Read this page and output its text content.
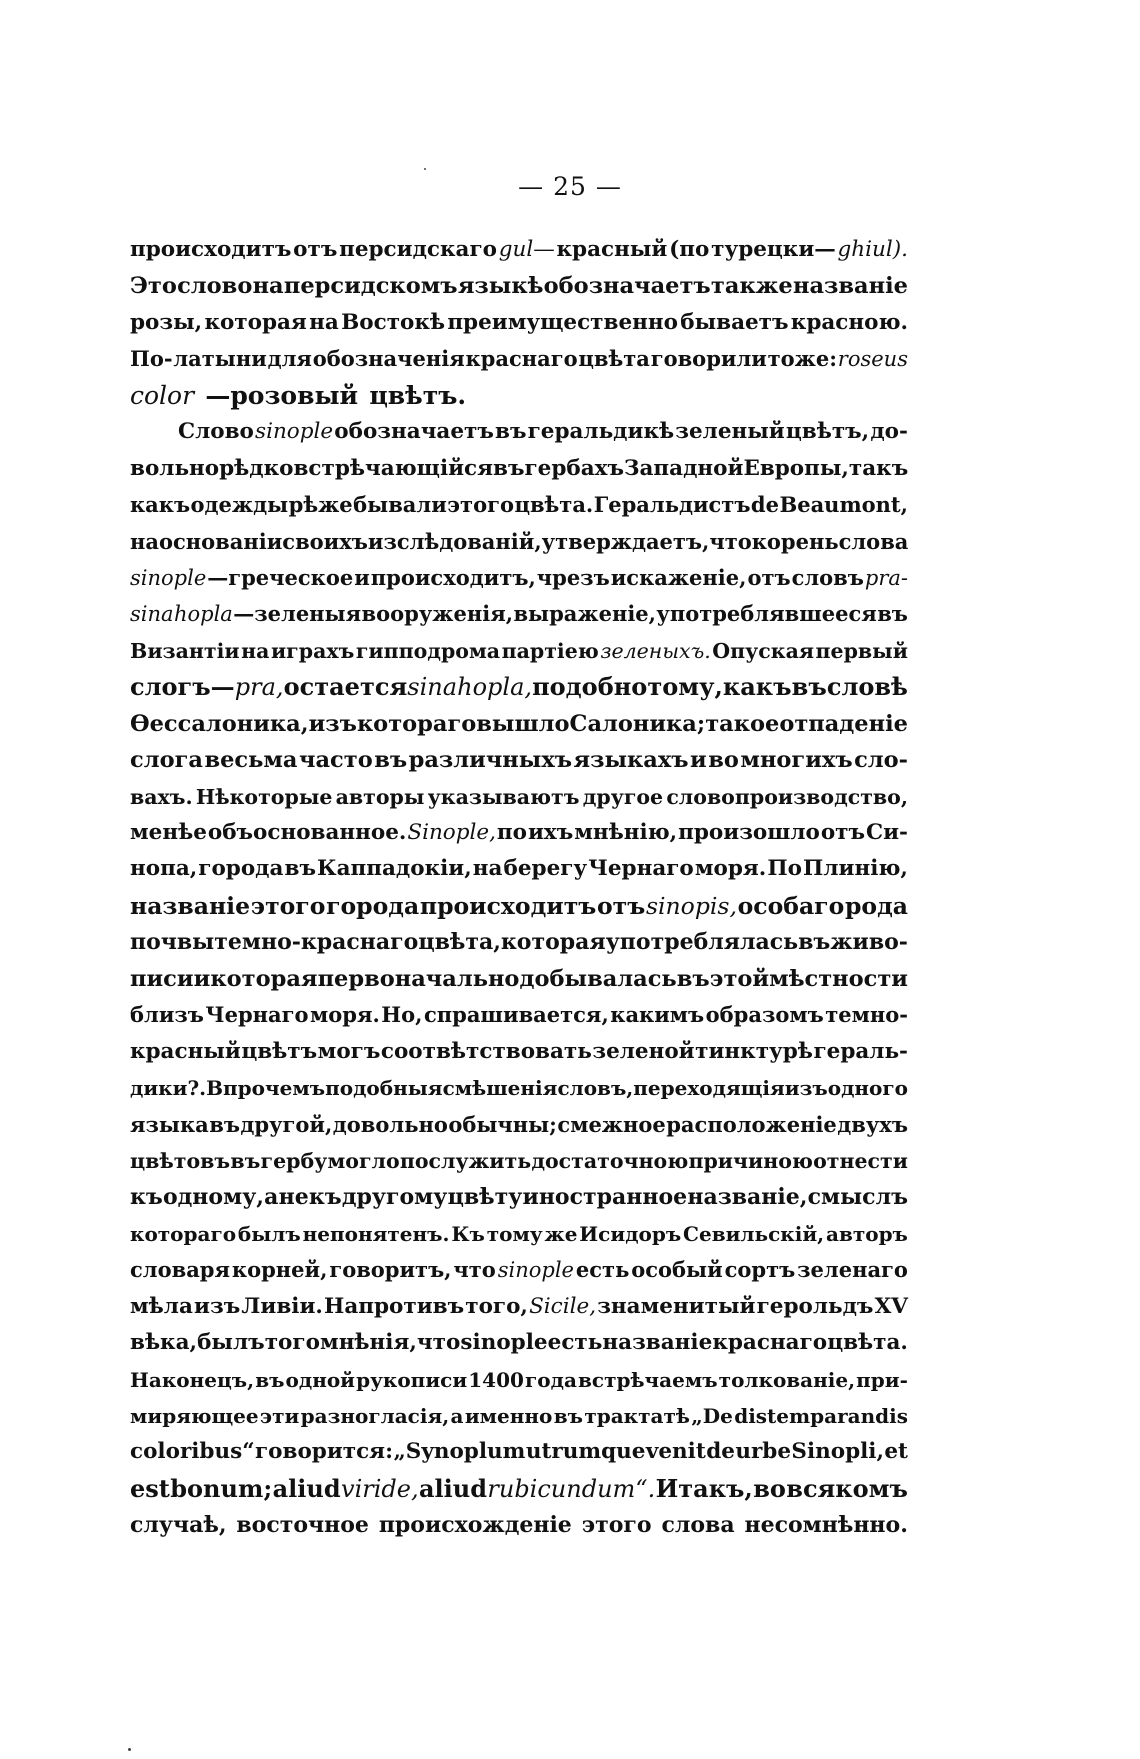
— 25 —
происходитъ отъ персидскаго gul— красный (по турецки— ghiul).
Это слово на персидскомъ языкѣ обозначаетъ также названіе
розы, которая на Востокѣ преимущественно бываетъ красною.
По- латыни для обозначенія краснаго цвѣта говорили тоже: roseus
color —розовый цвѣтъ.
Слово sinople обозначаетъ въ геральдикѣ зеленый цвѣтъ, до-
вольно рѣдко встрѣчающійся въ гербахъ Западной Европы, такъ
какъ одежды рѣже бывали этого цвѣта. Геральдистъ de Beaumont,
на основаніи своихъ изслѣдованій, утверждаетъ, что корень слова
sinople —греческое и происходитъ, чрезъ искаженіе, отъ словъ pra-
sina hopla —зеленыя вооруженія, выраженіе, употреблявшееся въ
Византіи на играхъ гипподрома партіею зеленыхъ. Опуская первый
слогъ— pra, остается sina hopla, подобно тому, какъ въ словѣ
Ѳессалоника, изъ котораго вышло Салоника; такое отпаденіе
слога весьма часто въ различныхъ языкахъ и во многихъ сло-
вахъ. Нѣкоторые авторы указываютъ другое словопроизводство,
менѣе объоснованное. Sinople, по ихъ мнѣнію, произошло отъ Си-
нопа, города въ Каппадокіи, на берегу Чернаго моря. По Плинію,
названіе этого города происходитъ отъ sinopis, особаго рода
почвы темно-краснаго цвѣта, которая употреблялась въ живо-
писи и которая первоначально добывалась въ этой мѣстности
близъ Чернаго моря. Но, спрашивается, какимъ образомъ темно-
красный цвѣтъ могъ соотвѣтствовать зеленой тинктурѣ гераль-
дики?. Впрочемъ подобныя смѣшенія словъ, переходящія изъ одного
языка въ другой, довольно обычны; смежное расположеніе двухъ
цвѣтовъ въ гербу могло послужить достаточною причиною отнести
къ одному, а не къ другому цвѣту иностранное названіе, смыслъ
котораго былъ непонятенъ. Къ тому же Исидоръ Севильскій, авторъ
словаря корней, говоритъ, что sinople есть особый сортъ зеленаго
мѣла изъ Ливіи. Напротивъ того, Sicile, знаменитый герольдъ XV
вѣка, былъ того мнѣнія, что sinople есть названіе краснаго цвѣта.
Наконецъ, въ одной рукописи 1400 года встрѣчаемъ толкованіе, при-
миряющее эти разногласія, а именно въ трактатѣ „De distemparandis
coloribus“ говорится: „Synoplum utrumque venit de urbe Sinopli, et
est bonum; aliud viride, aliud rubicundum“. Итакъ, во всякомъ
случаѣ, восточное происхожденіе этого слова несомнѣнно.
